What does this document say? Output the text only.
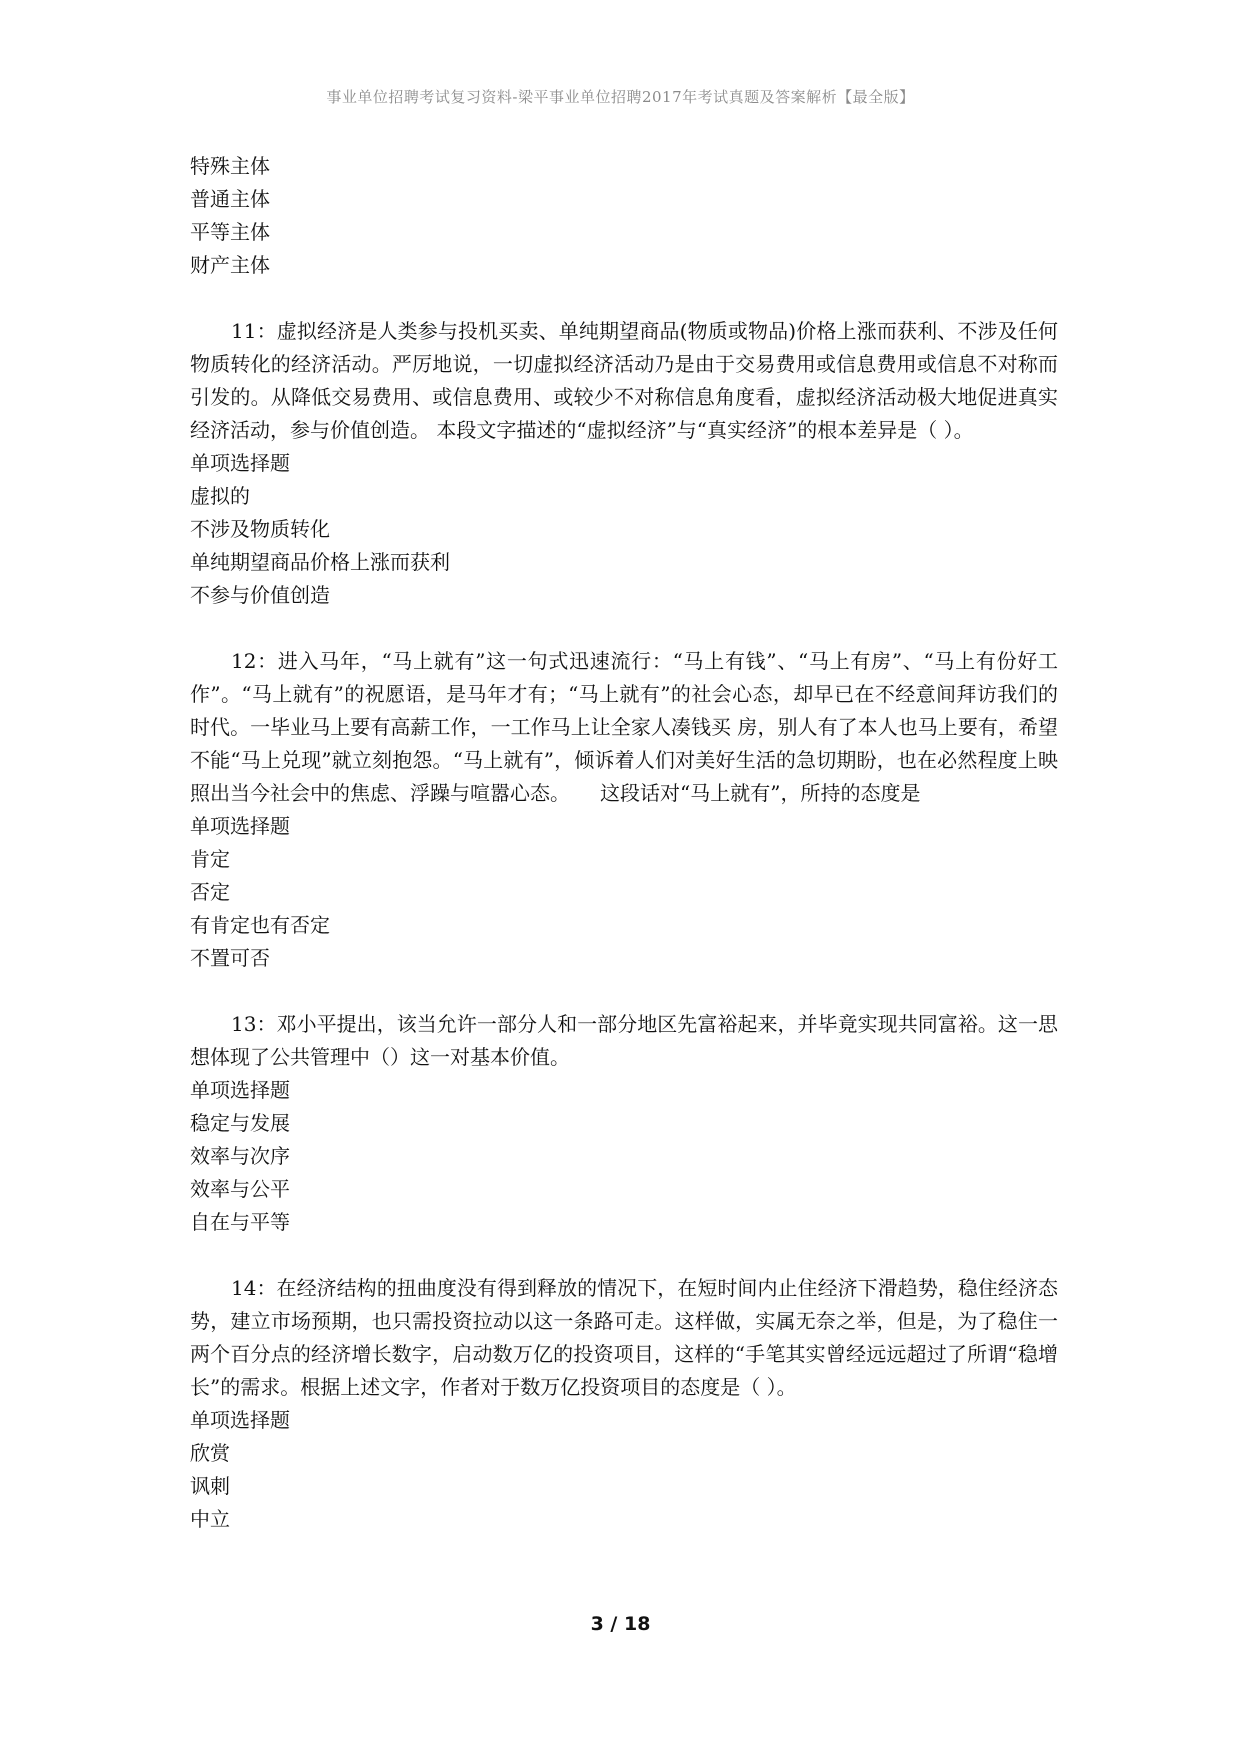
事业单位招聘考试复习资料-梁平事业单位招聘2017年考试真题及答案解析【最全版】

特殊主体

普通主体

平等主体

财产主体

11：虚拟经济是人类参与投机买卖、单纯期望商品(物质或物品)价格上涨而获利、不涉及任何物质转化的经济活动。严厉地说，一切虚拟经济活动乃是由于交易费用或信息费用或信息不对称而引发的。从降低交易费用、或信息费用、或较少不对称信息角度看，虚拟经济活动极大地促进真实经济活动，参与价值创造。 本段文字描述的“虚拟经济”与“真实经济”的根本差异是（ ）。

单项选择题

虚拟的

不涉及物质转化

单纯期望商品价格上涨而获利

不参与价值创造

12：进入马年，“马上就有”这一句式迅速流行：“马上有钱”、“马上有房”、“马上有份好工作”。“马上就有”的祝愿语，是马年才有；“马上就有”的社会心态，却早已在不经意间拜访我们的时代。一毕业马上要有高薪工作，一工作马上让全家人凑钱买 房，别人有了本人也马上要有，希望不能“马上兑现”就立刻抱怨。“马上就有”，倾诉着人们对美好生活的急切期盼，也在必然程度上映照出当今社会中的焦虑、浮躁与喧嚣心态。　　这段话对“马上就有”，所持的态度是

单项选择题

肯定

否定

有肯定也有否定

不置可否

13：邓小平提出，该当允许一部分人和一部分地区先富裕起来，并毕竟实现共同富裕。这一思想体现了公共管理中（）这一对基本价值。

单项选择题

稳定与发展

效率与次序

效率与公平

自在与平等

14：在经济结构的扭曲度没有得到释放的情况下，在短时间内止住经济下滑趋势，稳住经济态势，建立市场预期，也只需投资拉动以这一条路可走。这样做，实属无奈之举，但是，为了稳住一两个百分点的经济增长数字，启动数万亿的投资项目，这样的“手笔其实曾经远远超过了所谓“稳增长”的需求。根据上述文字，作者对于数万亿投资项目的态度是（ ）。

单项选择题

欣赏

讽刺

中立

3 / 18
